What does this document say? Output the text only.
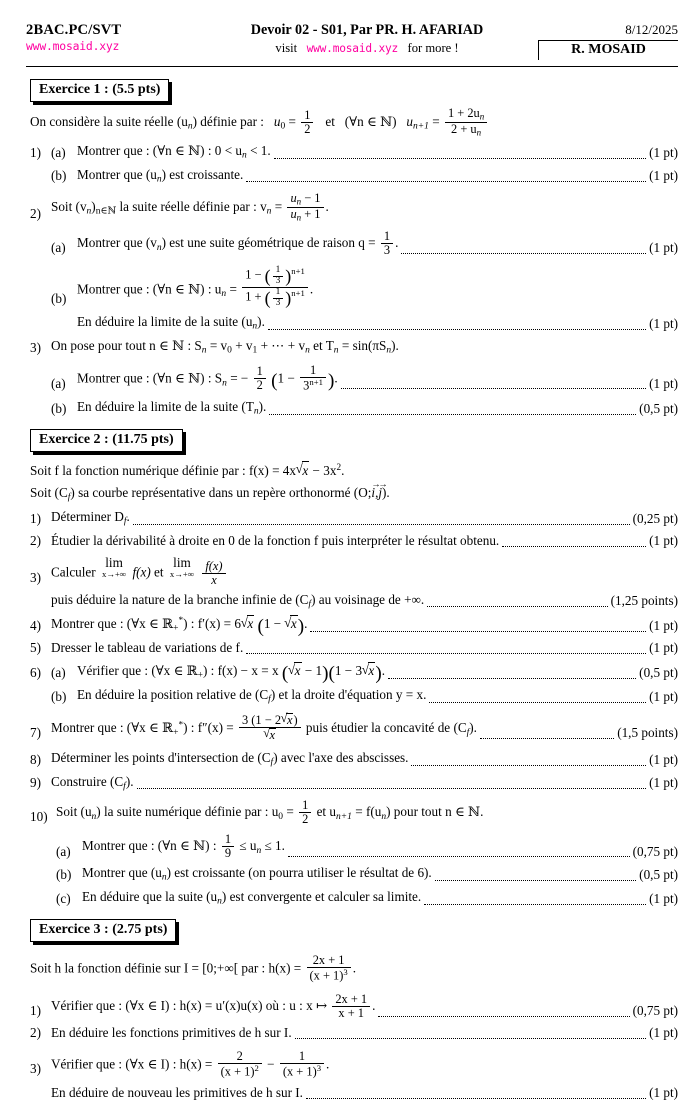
2BAC.PC/SVT
www.mosaid.xyz
Devoir 02 - S01, Par PR. H. AFARIAD
visit www.mosaid.xyz for more !
8/12/2025
R. MOSAID
Exercice 1 : (5.5 pts)
On considère la suite réelle $(u_n)$ définie par : $u_0 = \frac{1}{2}$ et (∀n ∈ ℕ) $u_{n+1} = \frac{1 + 2u_n}{2 + u_n}$
1) (a) Montrer que : (∀n ∈ ℕ) : $0 < u_n < 1$.	(1 pt)
(b) Montrer que $(u_n)$ est croissante.	(1 pt)
2) Soit $(v_n)_{n\in ℕ}$ la suite réelle définie par : $v_n = \frac{u_n - 1}{u_n + 1}$ .
(a) Montrer que $(v_n)$ est une suite géométrique de raison $q = \frac{1}{3}$ .	(1 pt)
(b)
Montrer que : (∀n ∈ ℕ) : $u_n = \frac{1 - ( \frac{1}{3} )^{n+1}}{1 + ( \frac{1}{3} )^{n+1}}$ .
En déduire la limite de la suite $(u_n)$.	(1 pt)
3) On pose pour tout n ∈ ℕ : $S_n = v_0 + v_1$ + ⋯ + $v_n$ et $T_n = \sin(\pi S_n)$.
(a) Montrer que : (∀n ∈ ℕ) : $S_n$ = − $\frac{1}{2} (1 - \frac{1}{3^{n+1}}$ ).	(1 pt)
(b) En déduire la limite de la suite $(T_n)$.	(0,5 pt)
Exercice 2 : (11.75 pts)
Soit f la fonction numérique définie par : f(x) = 4x √ $x - 3x^2$.
Soit $(C_f)$ sa courbe représentative dans un repère orthonormé (O;i →,j →).
1) Déterminer $D_f$.	(0,25 pt)
2) Étudier la dérivabilité à droite en 0 de la fonction f puis interpréter le résultat obtenu.	(1 pt)
3) Calculer
lim
x→+∞ f(x) et
lim
x→+∞
$\frac{f(x)}{x}$
puis déduire la nature de la branche infinie de $(C_f)$ au voisinage de +∞.	(1,25 points)
4) Montrer que : (∀x ∈ ℝ$_+$*) : f′(x) = 6 √ x (1 − √ x).	(1 pt)
5) Dresser le tableau de variations de f.	(1 pt)
6) (a) Vérifier que : (∀x ∈ ℝ$_+$) : f(x) − x = x ( √ x − 1)(1 − 3 √ x).	(0,5 pt)
(b) En déduire la position relative de $(C_f)$ et la droite d'équation y = x.	(1 pt)
7) Montrer que : (∀x ∈ ℝ$_+$*) : f″(x) = 3 (1 − 2 √ x)
√ x puis étudier la concavité de $(C_f)$.	(1,5 points)
8) Déterminer les points d'intersection de $(C_f)$ avec l'axe des abscisses.	(1 pt)
9) Construire $(C_f)$.	(1 pt)
10) Soit $(u_n)$ la suite numérique définie par : $u_0 = \frac{1}{2}$ et $u_{n+1} = f(u_n)$ pour tout n ∈ ℕ.
(a) Montrer que : (∀n ∈ ℕ) : $\frac{1}{9} \le u_n \le 1$.	(0,75 pt)
(b) Montrer que $(u_n)$ est croissante (on pourra utiliser le résultat de 6).	(0,5 pt)
(c) En déduire que la suite $(u_n)$ est convergente et calculer sa limite.	(1 pt)
Exercice 3 : (2.75 pts)
Soit h la fonction définie sur I = [0;+∞[ par : $h(x) = \frac{2x + 1}{(x + 1)^3}$ .
1) Vérifier que : (∀x ∈ I) : h(x) = u′(x)u(x) où : u : x ↦ $\frac{2x + 1}{x + 1}$ .	(0,75 pt)
2) En déduire les fonctions primitives de h sur I.	(1 pt)
3) Vérifier que : (∀x ∈ I) : $h(x) = \frac{2}{(x + 1)^2} - \frac{1}{(x + 1)^3}$ .
En déduire de nouveau les primitives de h sur I.	(1 pt)
